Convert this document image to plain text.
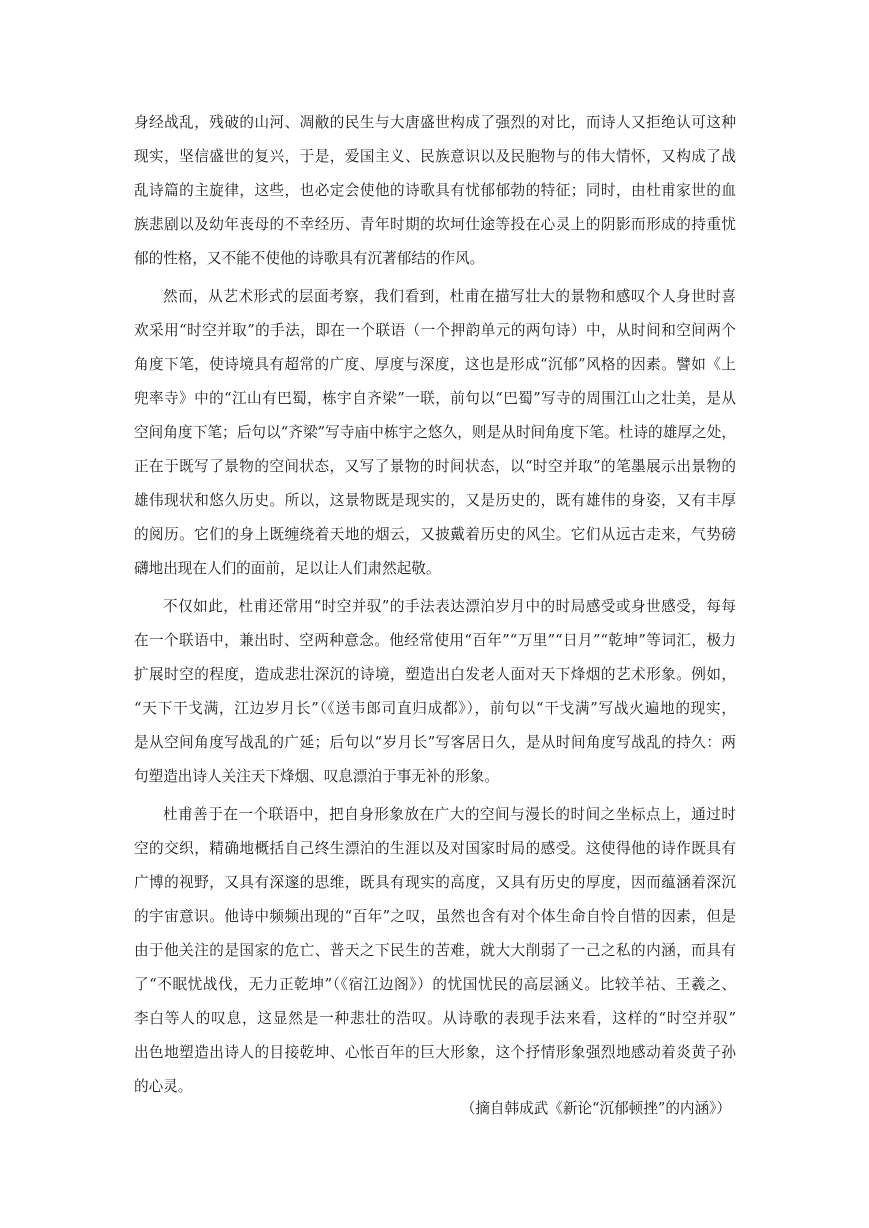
身经战乱，残破的山河、凋敝的民生与大唐盛世构成了强烈的对比，而诗人又拒绝认可这种
现实，坚信盛世的复兴，于是，爱国主义、民族意识以及民胞物与的伟大情怀，又构成了战
乱诗篇的主旋律，这些，也必定会使他的诗歌具有忧郁郁勃的特征；同时，由杜甫家世的血
族悲剧以及幼年丧母的不幸经历、青年时期的坎坷仕途等投在心灵上的阴影而形成的持重忧
郁的性格，又不能不使他的诗歌具有沉著郁结的作风。
然而，从艺术形式的层面考察，我们看到，杜甫在描写壮大的景物和感叹个人身世时喜
欢采用“时空并取”的手法，即在一个联语（一个押韵单元的两句诗）中，从时间和空间两个
角度下笔，使诗境具有超常的广度、厚度与深度，这也是形成“沉郁”风格的因素。譬如《上
兜率寺》中的“江山有巴蜀，栋宇自齐梁”一联，前句以“巴蜀”写寺的周围江山之壮美，是从
空间角度下笔；后句以“齐梁”写寺庙中栋宇之悠久，则是从时间角度下笔。杜诗的雄厚之处，
正在于既写了景物的空间状态，又写了景物的时间状态，以“时空并取”的笔墨展示出景物的
雄伟现状和悠久历史。所以，这景物既是现实的，又是历史的，既有雄伟的身姿，又有丰厚
的阅历。它们的身上既缠绕着天地的烟云，又披戴着历史的风尘。它们从远古走来，气势磅
礴地出现在人们的面前，足以让人们肃然起敬。
不仅如此，杜甫还常用“时空并驭”的手法表达漂泊岁月中的时局感受或身世感受，每每
在一个联语中，兼出时、空两种意念。他经常使用“百年”“万里”“日月”“乾坤”等词汇，极力
扩展时空的程度，造成悲壮深沉的诗境，塑造出白发老人面对天下烽烟的艺术形象。例如，
“天下干戈满，江边岁月长”（《送韦郎司直归成都》），前句以“干戈满”写战火遍地的现实，
是从空间角度写战乱的广延；后句以“岁月长”写客居日久，是从时间角度写战乱的持久：两
句塑造出诗人关注天下烽烟、叹息漂泊于事无补的形象。
杜甫善于在一个联语中，把自身形象放在广大的空间与漫长的时间之坐标点上，通过时
空的交织，精确地概括自己终生漂泊的生涯以及对国家时局的感受。这使得他的诗作既具有
广博的视野，又具有深邃的思维，既具有现实的高度，又具有历史的厚度，因而蕴涵着深沉
的宇宙意识。他诗中频频出现的“百年”之叹，虽然也含有对个体生命自怜自惜的因素，但是
由于他关注的是国家的危亡、普天之下民生的苦难，就大大削弱了一己之私的内涵，而具有
了“不眠忧战伐，无力正乾坤”（《宿江边阁》）的忧国忧民的高层涵义。比较羊祜、王羲之、
李白等人的叹息，这显然是一种悲壮的浩叹。从诗歌的表现手法来看，这样的“时空并驭”
出色地塑造出诗人的目接乾坤、心怅百年的巨大形象，这个抒情形象强烈地感动着炎黄子孙
的心灵。
（摘自韩成武《新论“沉郁顿挫”的内涵》）
